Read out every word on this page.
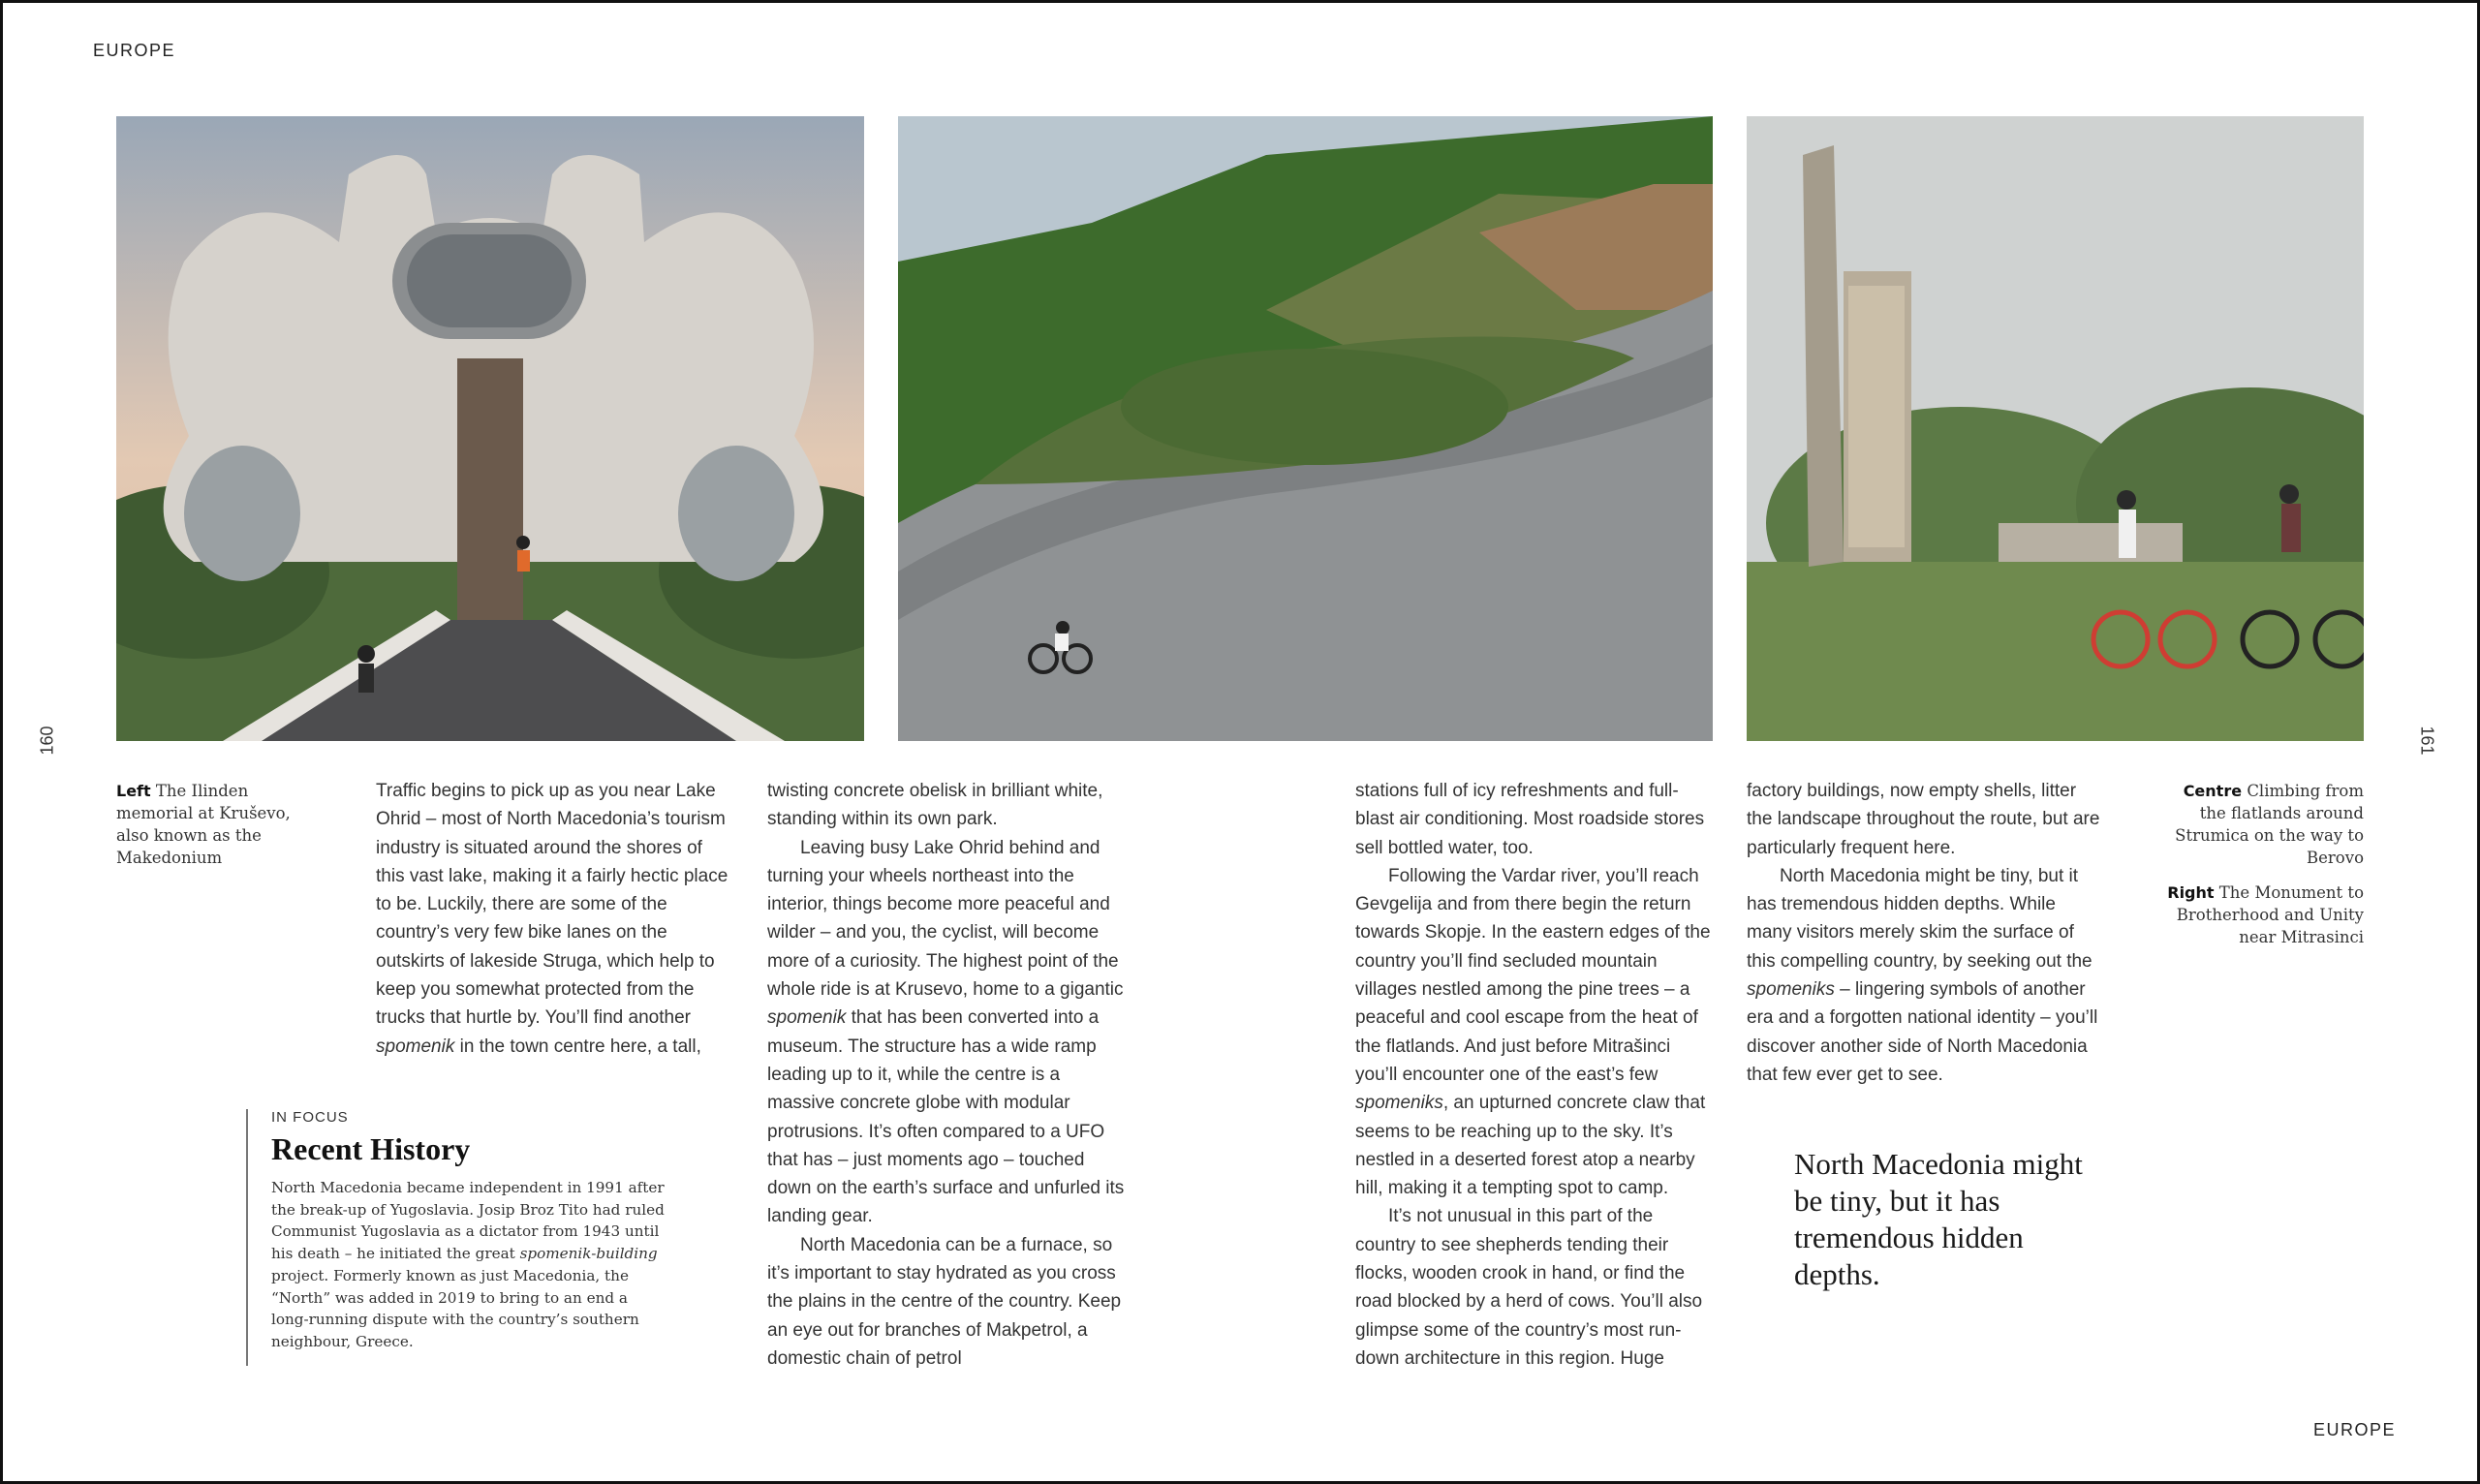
EUROPE
EUROPE
160	161
Left The Ilinden memorial at Kruševo, also known as the Makedonium
Centre Climbing from the flatlands around Strumica on the way to Berovo
Right The Monument to Brotherhood and Unity near Mitrasinci

Traffic begins to pick up as you near Lake Ohrid – most of North Macedonia’s tourism industry is situated around the shores of this vast lake, making it a fairly hectic place to be. Luckily, there are some of the country’s very few bike lanes on the outskirts of lakeside Struga, which help to keep you somewhat protected from the trucks that hurtle by. You’ll find another spomenik in the town centre here, a tall,

twisting concrete obelisk in brilliant white, standing within its own park.

Leaving busy Lake Ohrid behind and turning your wheels northeast into the interior, things become more peaceful and wilder – and you, the cyclist, will become more of a curiosity. The highest point of the whole ride is at Krusevo, home to a gigantic spomenik that has been converted into a museum. The structure has a wide ramp leading up to it, while the centre is a massive concrete globe with modular protrusions. It’s often compared to a UFO that has – just moments ago – touched down on the earth’s surface and unfurled its landing gear.

North Macedonia can be a furnace, so it’s important to stay hydrated as you cross the plains in the centre of the country. Keep an eye out for branches of Makpetrol, a domestic chain of petrol

stations full of icy refreshments and full-blast air conditioning. Most roadside stores sell bottled water, too.

Following the Vardar river, you’ll reach Gevgelija and from there begin the return towards Skopje. In the eastern edges of the country you’ll find secluded mountain villages nestled among the pine trees – a peaceful and cool escape from the heat of the flatlands. And just before Mitrašinci you’ll encounter one of the east’s few spomeniks, an upturned concrete claw that seems to be reaching up to the sky. It’s nestled in a deserted forest atop a nearby hill, making it a tempting spot to camp.

It’s not unusual in this part of the country to see shepherds tending their flocks, wooden crook in hand, or find the road blocked by a herd of cows. You’ll also glimpse some of the country’s most run-down architecture in this region. Huge

factory buildings, now empty shells, litter the landscape throughout the route, but are particularly frequent here.

North Macedonia might be tiny, but it has tremendous hidden depths. While many visitors merely skim the surface of this compelling country, by seeking out the spomeniks – lingering symbols of another era and a forgotten national identity – you’ll discover another side of North Macedonia that few ever get to see.

IN FOCUS
Recent History
North Macedonia became independent in 1991 after the break-up of Yugoslavia. Josip Broz Tito had ruled Communist Yugoslavia as a dictator from 1943 until his death – he initiated the great spomenik-building project. Formerly known as just Macedonia, the “North” was added in 2019 to bring to an end a long-running dispute with the country’s southern neighbour, Greece.
North Macedonia might be tiny, but it has tremendous hidden depths.
